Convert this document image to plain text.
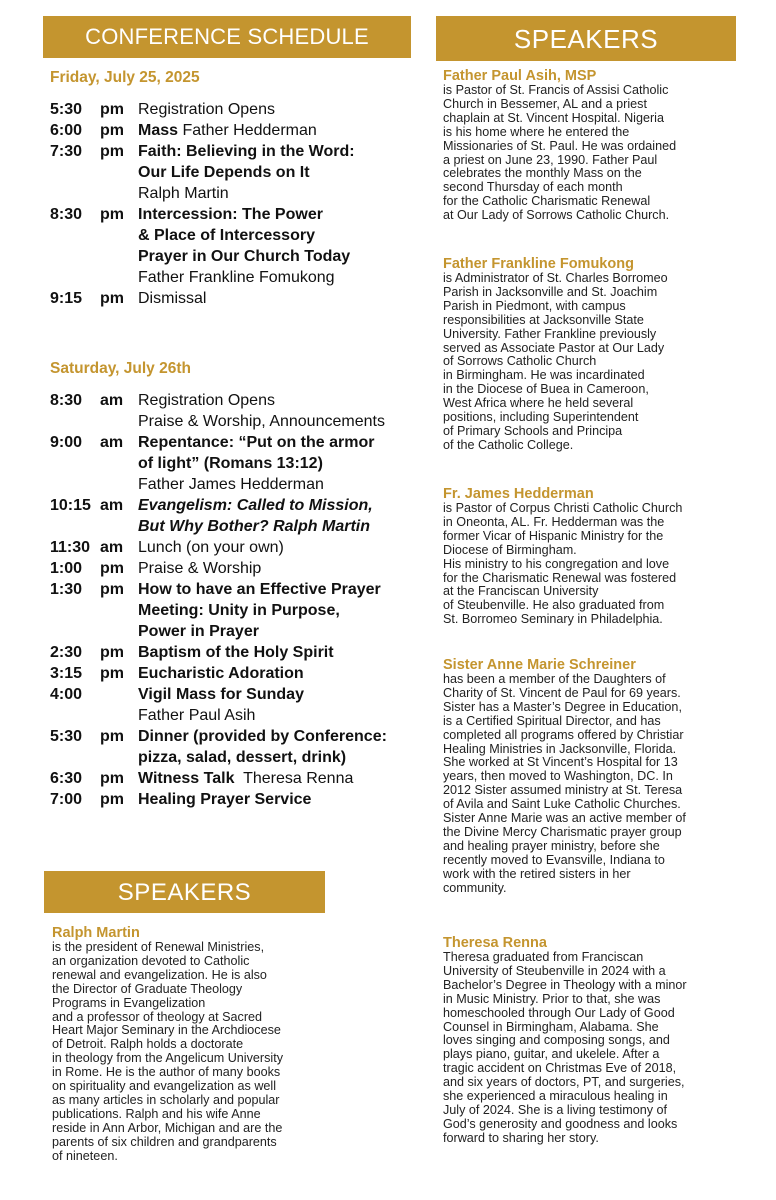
CONFERENCE SCHEDULE	SPEAKERS
SPEAKERS
Friday, July 25, 2025
5:30	pm Registration Opens
6:00	pm Mass Father Hedderman
7:30	pm Faith: Believing in the Word:
Our Life Depends on It
Ralph Martin
8:30	pm Intercession: The Power
& Place of Intercessory
Prayer in Our Church Today
Father Frankline Fomukong
9:15	pm Dismissal
Saturday, July 26th
8:30	am Registration Opens
Praise & Worship, Announcements
9:00	am Repentance: “Put on the armor
of light” (Romans 13:12)
Father James Hedderman
10:15 am Evangelism: Called to Mission,
But Why Bother? Ralph Martin
11:30 am Lunch (on your own)
1:00	pm Praise & Worship
1:30	pm How to have an Effective Prayer
Meeting: Unity in Purpose,
Power in Prayer
2:30	pm Baptism of the Holy Spirit
3:15	pm Eucharistic Adoration
4:00	Vigil Mass for Sunday
Father Paul Asih
5:30	pm Dinner (provided by Conference:
pizza, salad, dessert, drink)
6:30	pm Witness Talk  Theresa Renna
7:00	pm Healing Prayer Service
Father Paul Asih, MSP
is Pastor of St. Francis of Assisi Catholic
Church in Bessemer, AL and a priest
chaplain at St. Vincent Hospital. Nigeria
is his home where he entered the
Missionaries of St. Paul. He was ordained
a priest on June 23, 1990. Father Paul
celebrates the monthly Mass on the
second Thursday of each month
for the Catholic Charismatic Renewal
at Our Lady of Sorrows Catholic Church.
Father Frankline Fomukong
is Administrator of St. Charles Borromeo
Parish in Jacksonville and St. Joachim
Parish in Piedmont, with campus
responsibilities at Jacksonville State
University. Father Frankline previously
served as Associate Pastor at Our Lady
of Sorrows Catholic Church
in Birmingham. He was incardinated
in the Diocese of Buea in Cameroon,
West Africa where he held several
positions, including Superintendent
of Primary Schools and Principa
of the Catholic College.
Fr. James Hedderman
is Pastor of Corpus Christi Catholic Church
in Oneonta, AL. Fr. Hedderman was the
former Vicar of Hispanic Ministry for the
Diocese of Birmingham.
His ministry to his congregation and love
for the Charismatic Renewal was fostered
at the Franciscan University
of Steubenville. He also graduated from
St. Borromeo Seminary in Philadelphia.
Sister Anne Marie Schreiner
has been a member of the Daughters of
Charity of St. Vincent de Paul for 69 years.
Sister has a Master’s Degree in Education,
is a Certified Spiritual Director, and has
completed all programs offered by Christiar
Healing Ministries in Jacksonville, Florida.
She worked at St Vincent’s Hospital for 13
years, then moved to Washington, DC. In
2012 Sister assumed ministry at St. Teresa
of Avila and Saint Luke Catholic Churches.
Sister Anne Marie was an active member of
the Divine Mercy Charismatic prayer group
and healing prayer ministry, before she
recently moved to Evansville, Indiana to
work with the retired sisters in her
community.
Theresa Renna
Theresa graduated from Franciscan
University of Steubenville in 2024 with a
Bachelor’s Degree in Theology with a minor
in Music Ministry. Prior to that, she was
homeschooled through Our Lady of Good
Counsel in Birmingham, Alabama. She
loves singing and composing songs, and
plays piano, guitar, and ukelele. After a
tragic accident on Christmas Eve of 2018,
and six years of doctors, PT, and surgeries,
she experienced a miraculous healing in
July of 2024. She is a living testimony of
God’s generosity and goodness and looks
forward to sharing her story.
Ralph Martin
is the president of Renewal Ministries,
an organization devoted to Catholic
renewal and evangelization. He is also
the Director of Graduate Theology
Programs in Evangelization
and a professor of theology at Sacred
Heart Major Seminary in the Archdiocese
of Detroit. Ralph holds a doctorate
in theology from the Angelicum University
in Rome. He is the author of many books
on spirituality and evangelization as well
as many articles in scholarly and popular
publications. Ralph and his wife Anne
reside in Ann Arbor, Michigan and are the
parents of six children and grandparents
of nineteen.
